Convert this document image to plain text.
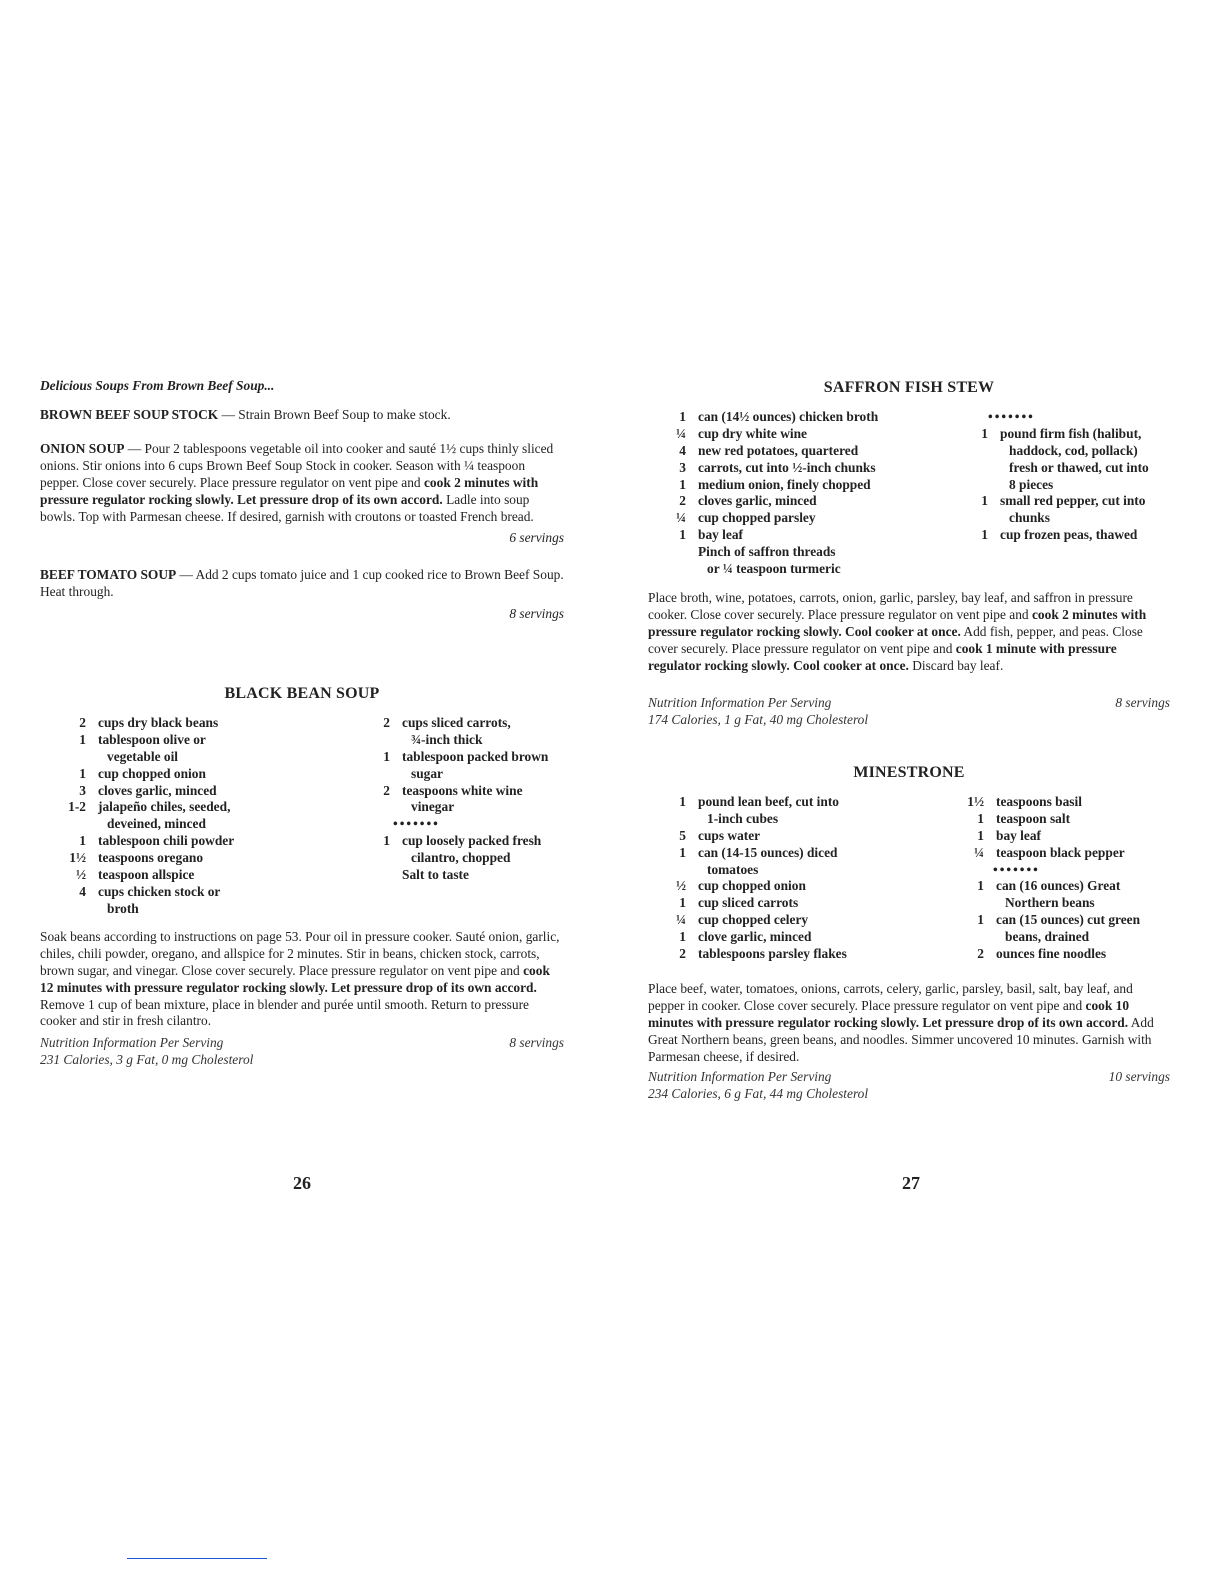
Delicious Soups From Brown Beef Soup...

BROWN BEEF SOUP STOCK — Strain Brown Beef Soup to make stock.

ONION SOUP — Pour 2 tablespoons vegetable oil into cooker and sauté 1½ cups thinly sliced onions. Stir onions into 6 cups Brown Beef Soup Stock in cooker. Season with ¼ teaspoon pepper. Close cover securely. Place pressure regulator on vent pipe and cook 2 minutes with pressure regulator rocking slowly. Let pressure drop of its own accord. Ladle into soup bowls. Top with Parmesan cheese. If desired, garnish with croutons or toasted French bread.

6 servings

BEEF TOMATO SOUP — Add 2 cups tomato juice and 1 cup cooked rice to Brown Beef Soup. Heat through.

8 servings

BLACK BEAN SOUP
2 cups dry black beans
1 tablespoon olive or
vegetable oil
1 cup chopped onion
3 cloves garlic, minced
1-2 jalapeño chiles, seeded,
deveined, minced
1 tablespoon chili powder
1½ teaspoons oregano
½ teaspoon allspice
4 cups chicken stock or
broth
2 cups sliced carrots,
¾-inch thick
1 tablespoon packed brown
sugar
2 teaspoons white wine
vinegar
•••••••
1 cup loosely packed fresh
cilantro, chopped
Salt to taste

Soak beans according to instructions on page 53. Pour oil in pressure cooker. Sauté onion, garlic, chiles, chili powder, oregano, and allspice for 2 minutes. Stir in beans, chicken stock, carrots, brown sugar, and vinegar. Close cover securely. Place pressure regulator on vent pipe and cook 12 minutes with pressure regulator rocking slowly. Let pressure drop of its own accord. Remove 1 cup of bean mixture, place in blender and purée until smooth. Return to pressure cooker and stir in fresh cilantro.

Nutrition Information Per Serving	8 servings

231 Calories, 3 g Fat, 0 mg Cholesterol

26
SAFFRON FISH STEW
1 can (14½ ounces) chicken broth
¼ cup dry white wine
4 new red potatoes, quartered
3 carrots, cut into ½-inch chunks
1 medium onion, finely chopped
2 cloves garlic, minced
¼ cup chopped parsley
1 bay leaf
Pinch of saffron threads
or ¼ teaspoon turmeric
•••••••
1 pound firm fish (halibut,
haddock, cod, pollack)
fresh or thawed, cut into
8 pieces
1 small red pepper, cut into
chunks
1 cup frozen peas, thawed

Place broth, wine, potatoes, carrots, onion, garlic, parsley, bay leaf, and saffron in pressure cooker. Close cover securely. Place pressure regulator on vent pipe and cook 2 minutes with pressure regulator rocking slowly. Cool cooker at once. Add fish, pepper, and peas. Close cover securely. Place pressure regulator on vent pipe and cook 1 minute with pressure regulator rocking slowly. Cool cooker at once. Discard bay leaf.

Nutrition Information Per Serving	8 servings

174 Calories, 1 g Fat, 40 mg Cholesterol

MINESTRONE
1 pound lean beef, cut into
1-inch cubes
5 cups water
1 can (14-15 ounces) diced
tomatoes
½ cup chopped onion
1 cup sliced carrots
¼ cup chopped celery
1 clove garlic, minced
2 tablespoons parsley flakes
1½ teaspoons basil
1 teaspoon salt
1 bay leaf
¼ teaspoon black pepper
•••••••
1 can (16 ounces) Great
Northern beans
1 can (15 ounces) cut green
beans, drained
2 ounces fine noodles

Place beef, water, tomatoes, onions, carrots, celery, garlic, parsley, basil, salt, bay leaf, and pepper in cooker. Close cover securely. Place pressure regulator on vent pipe and cook 10 minutes with pressure regulator rocking slowly. Let pressure drop of its own accord. Add Great Northern beans, green beans, and noodles. Simmer uncovered 10 minutes. Garnish with Parmesan cheese, if desired.

Nutrition Information Per Serving	10 servings

234 Calories, 6 g Fat, 44 mg Cholesterol

27
